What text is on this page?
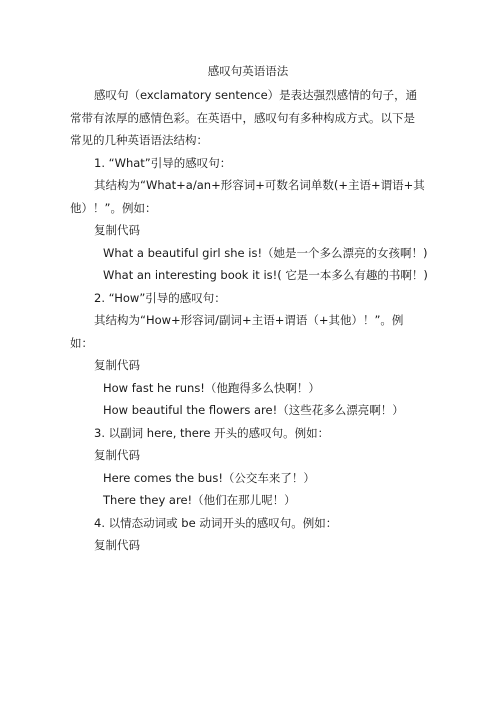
感叹句英语语法

感叹句（exclamatory sentence）是表达强烈感情的句子，通常带有浓厚的感情色彩。在英语中，感叹句有多种构成方式。以下是常见的几种英语语法结构：

1. “What”引导的感叹句：

其结构为“What+a/an+形容词+可数名词单数(+主语+谓语+其他）！”。例如：

复制代码

What a beautiful girl she is!（她是一个多么漂亮的女孩啊！)

What an interesting book it is!( 它是一本多么有趣的书啊！)

2. “How”引导的感叹句：

其结构为“How+形容词/副词+主语+谓语（+其他）！”。例如：

复制代码

How fast he runs!（他跑得多么快啊！）

How beautiful the flowers are!（这些花多么漂亮啊！）

3. 以副词 here, there 开头的感叹句。例如：

复制代码

Here comes the bus!（公交车来了！）

There they are!（他们在那儿呢！）

4. 以情态动词或 be 动词开头的感叹句。例如：

复制代码
